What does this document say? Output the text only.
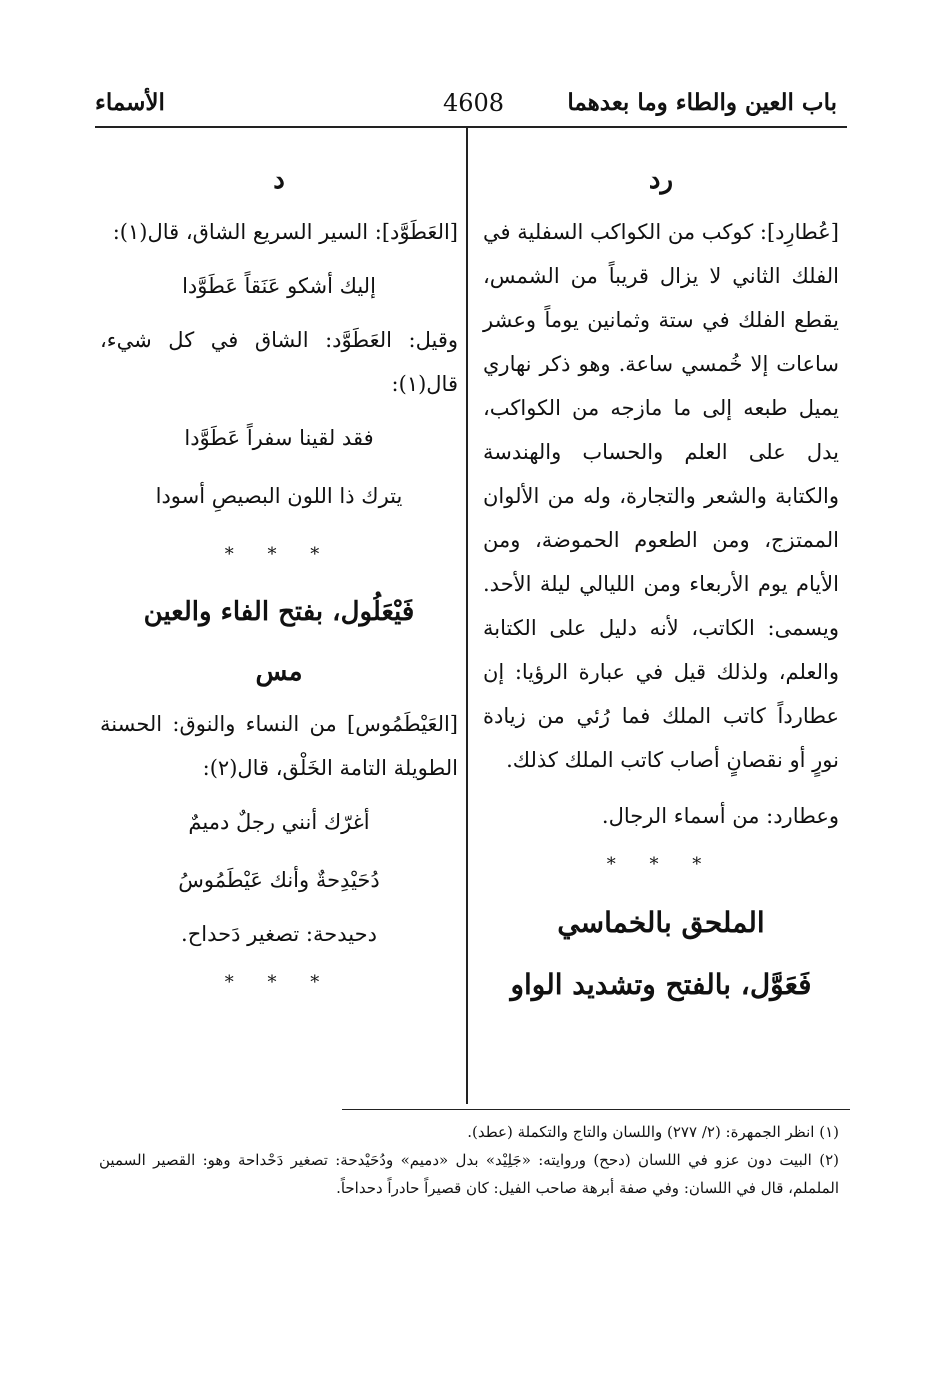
باب العين والطاء وما بعدهما
4608
الأسماء

رد

[عُطارِد]: كوكب من الكواكب السفلية في الفلك الثاني لا يزال قريباً من الشمس، يقطع الفلك في ستة وثمانين يوماً وعشر ساعات إلا خُمسي ساعة. وهو ذكر نهاري يميل طبعه إلى ما مازجه من الكواكب، يدل على العلم والحساب والهندسة والكتابة والشعر والتجارة، وله من الألوان الممتزج، ومن الطعوم الحموضة، ومن الأيام يوم الأربعاء ومن الليالي ليلة الأحد. ويسمى: الكاتب، لأنه دليل على الكتابة والعلم، ولذلك قيل في عبارة الرؤيا: إن عطارداً كاتب الملك فما رُئي من زيادة نورٍ أو نقصانٍ أصاب كاتب الملك كذلك.

وعطارد: من أسماء الرجال.

* * *

الملحق بالخماسي

فَعَوَّل، بالفتح وتشديد الواو

د

[العَطَوَّد]: السير السريع الشاق، قال(١):

إليك أشكو عَنَقاً عَطَوَّدا

وقيل: العَطَوَّد: الشاق في كل شيء، قال(١):

فقد لقينا سفراً عَطَوَّدا

يترك ذا اللون البصيصِ أسودا

* * *

فَيْعَلُول، بفتح الفاء والعين

مس

[العَيْطَمُوس] من النساء والنوق: الحسنة الطويلة التامة الخَلْق، قال(٢):

أغرّك أنني رجلٌ دميمٌ

دُحَيْدِحةٌ وأنك عَيْطَمُوسُ

دحيدحة: تصغير دَحداح.

* * *

(١) انظر الجمهرة: (٢/ ٢٧٧) واللسان والتاج والتكملة (عطد).

(٢) البيت دون عزو في اللسان (دحح) وروايته: «جَلِيْد» بدل «دميم» ودُحَيْدحة: تصغير دَحْداحة وهو: القصير السمين الململم، قال في اللسان: وفي صفة أبرهة صاحب الفيل: كان قصيراً حادراً دحداحاً.
